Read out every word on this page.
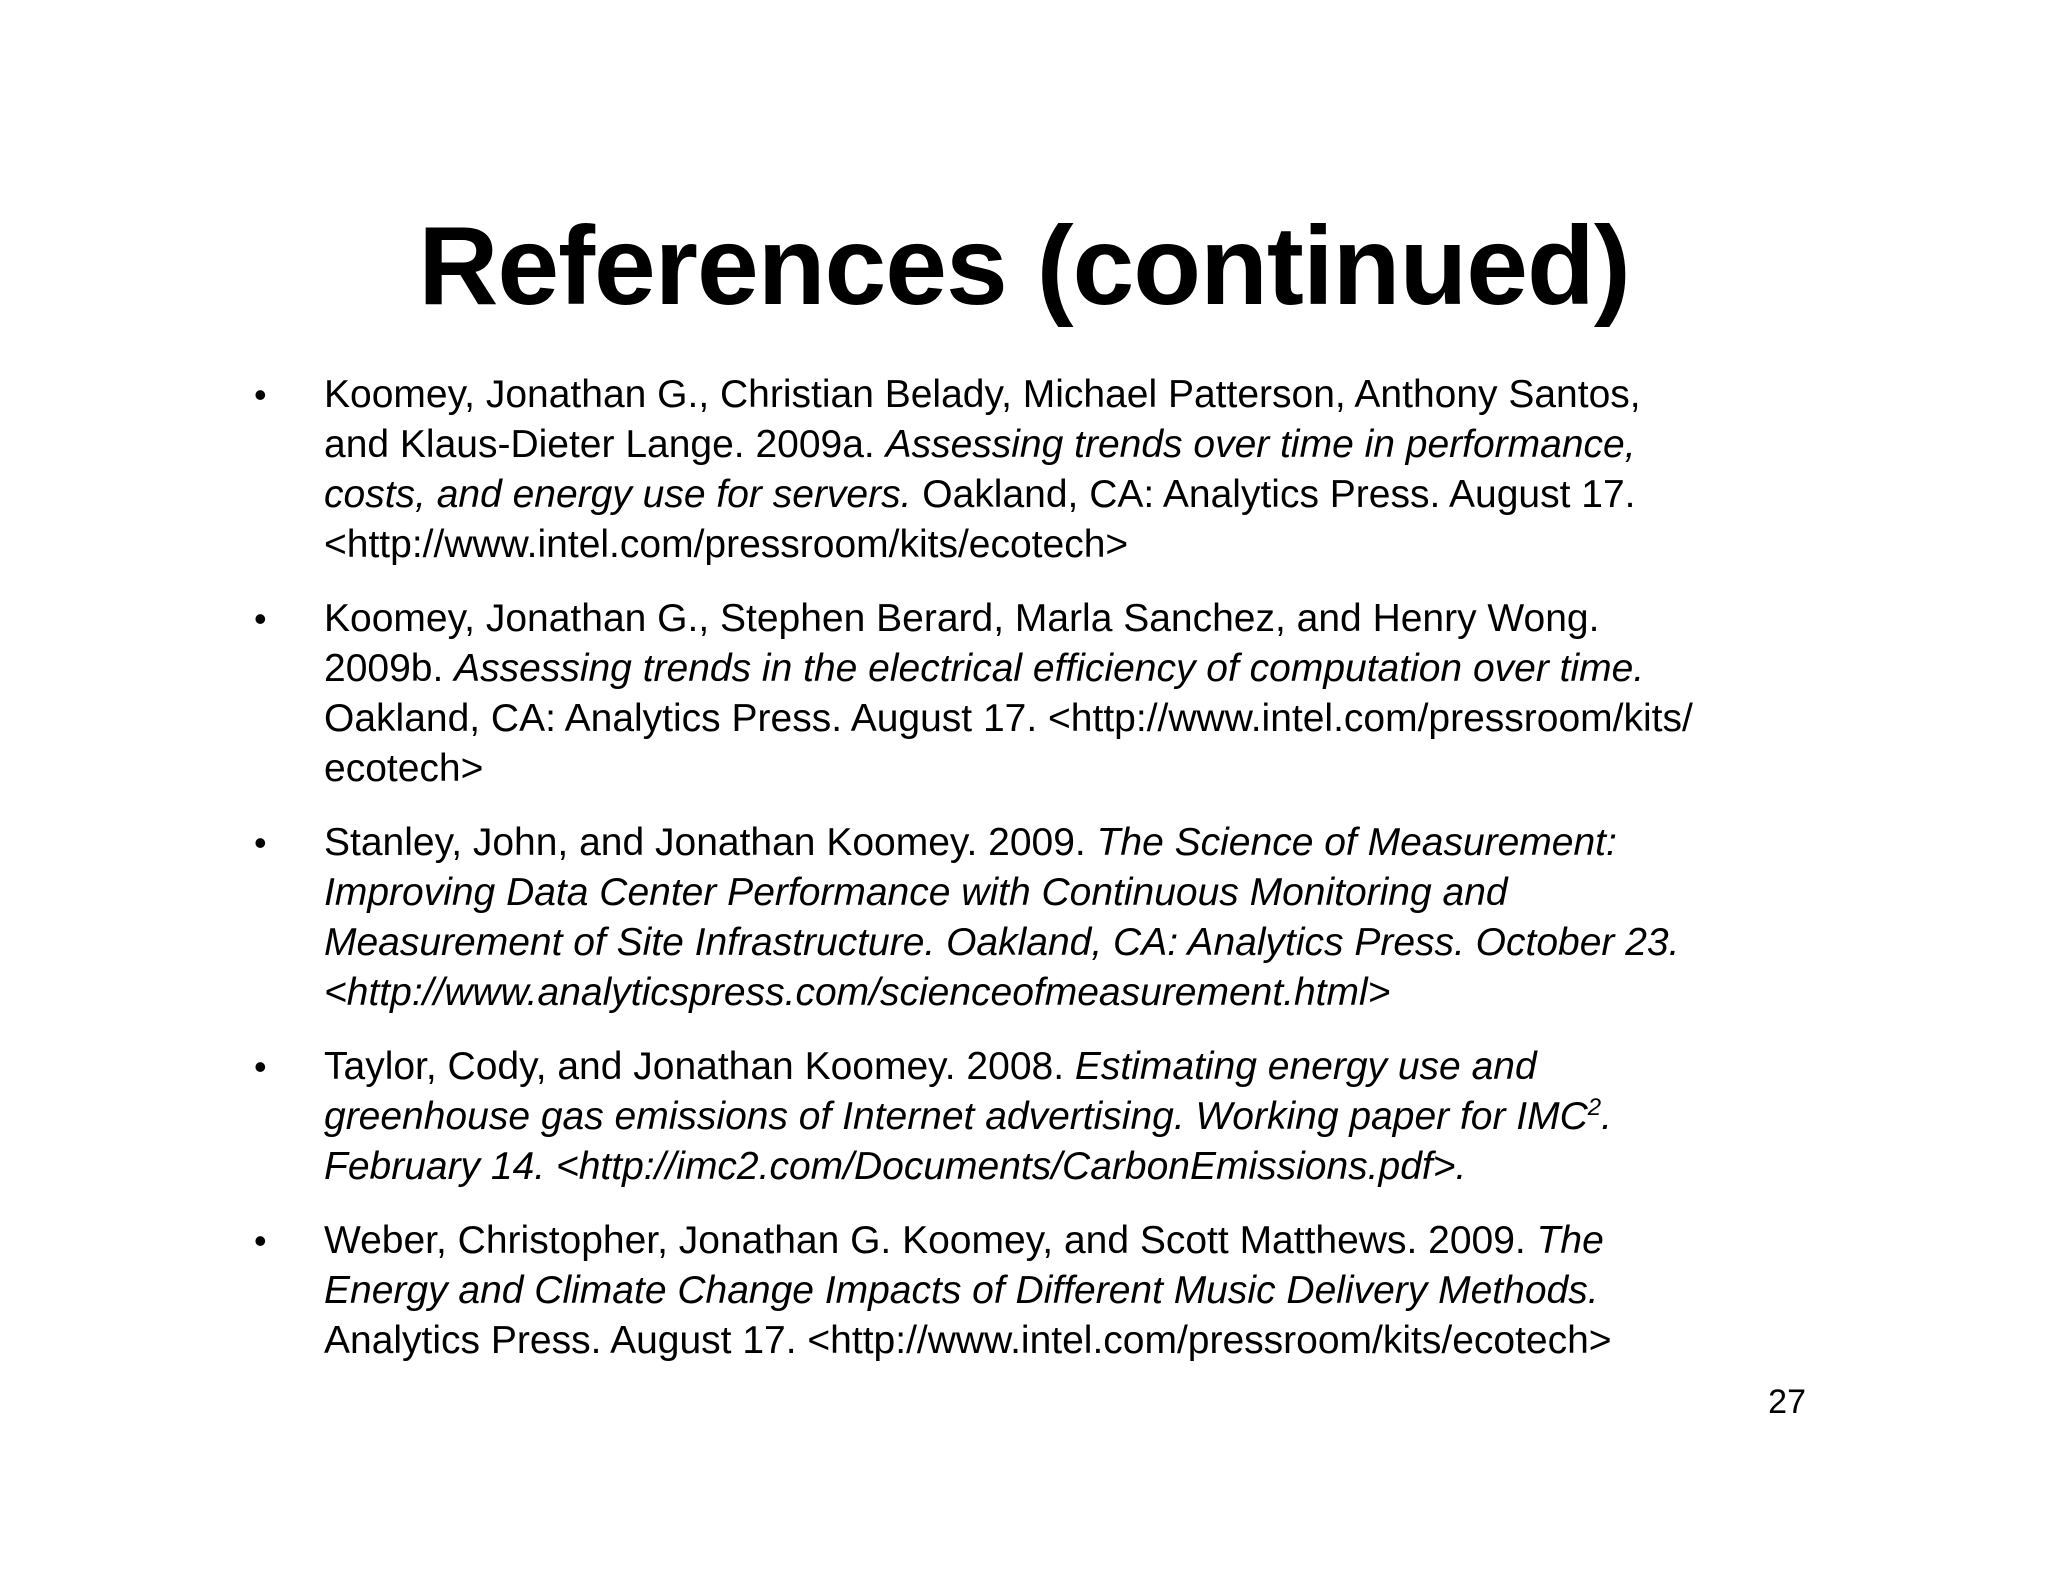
References (continued)
• Koomey, Jonathan G., Christian Belady, Michael Patterson, Anthony Santos,
and Klaus-Dieter Lange. 2009a. Assessing trends over time in performance,
costs, and energy use for servers. Oakland, CA: Analytics Press. August 17.
<http://www.intel.com/pressroom/kits/ecotech>
• Koomey, Jonathan G., Stephen Berard, Marla Sanchez, and Henry Wong.
2009b. Assessing trends in the electrical efficiency of computation over time.
Oakland, CA: Analytics Press. August 17. <http://www.intel.com/pressroom/kits/
ecotech>
• Stanley, John, and Jonathan Koomey. 2009. The Science of Measurement:
Improving Data Center Performance with Continuous Monitoring and
Measurement of Site Infrastructure. Oakland, CA: Analytics Press. October 23.
<http://www.analyticspress.com/scienceofmeasurement.html>
• Taylor, Cody, and Jonathan Koomey. 2008. Estimating energy use and
greenhouse gas emissions of Internet advertising. Working paper for IMC$^2$.
February 14. <http://imc2.com/Documents/CarbonEmissions.pdf>.
• Weber, Christopher, Jonathan G. Koomey, and Scott Matthews. 2009. The
Energy and Climate Change Impacts of Different Music Delivery Methods.
Analytics Press. August 17. <http://www.intel.com/pressroom/kits/ecotech>
27
